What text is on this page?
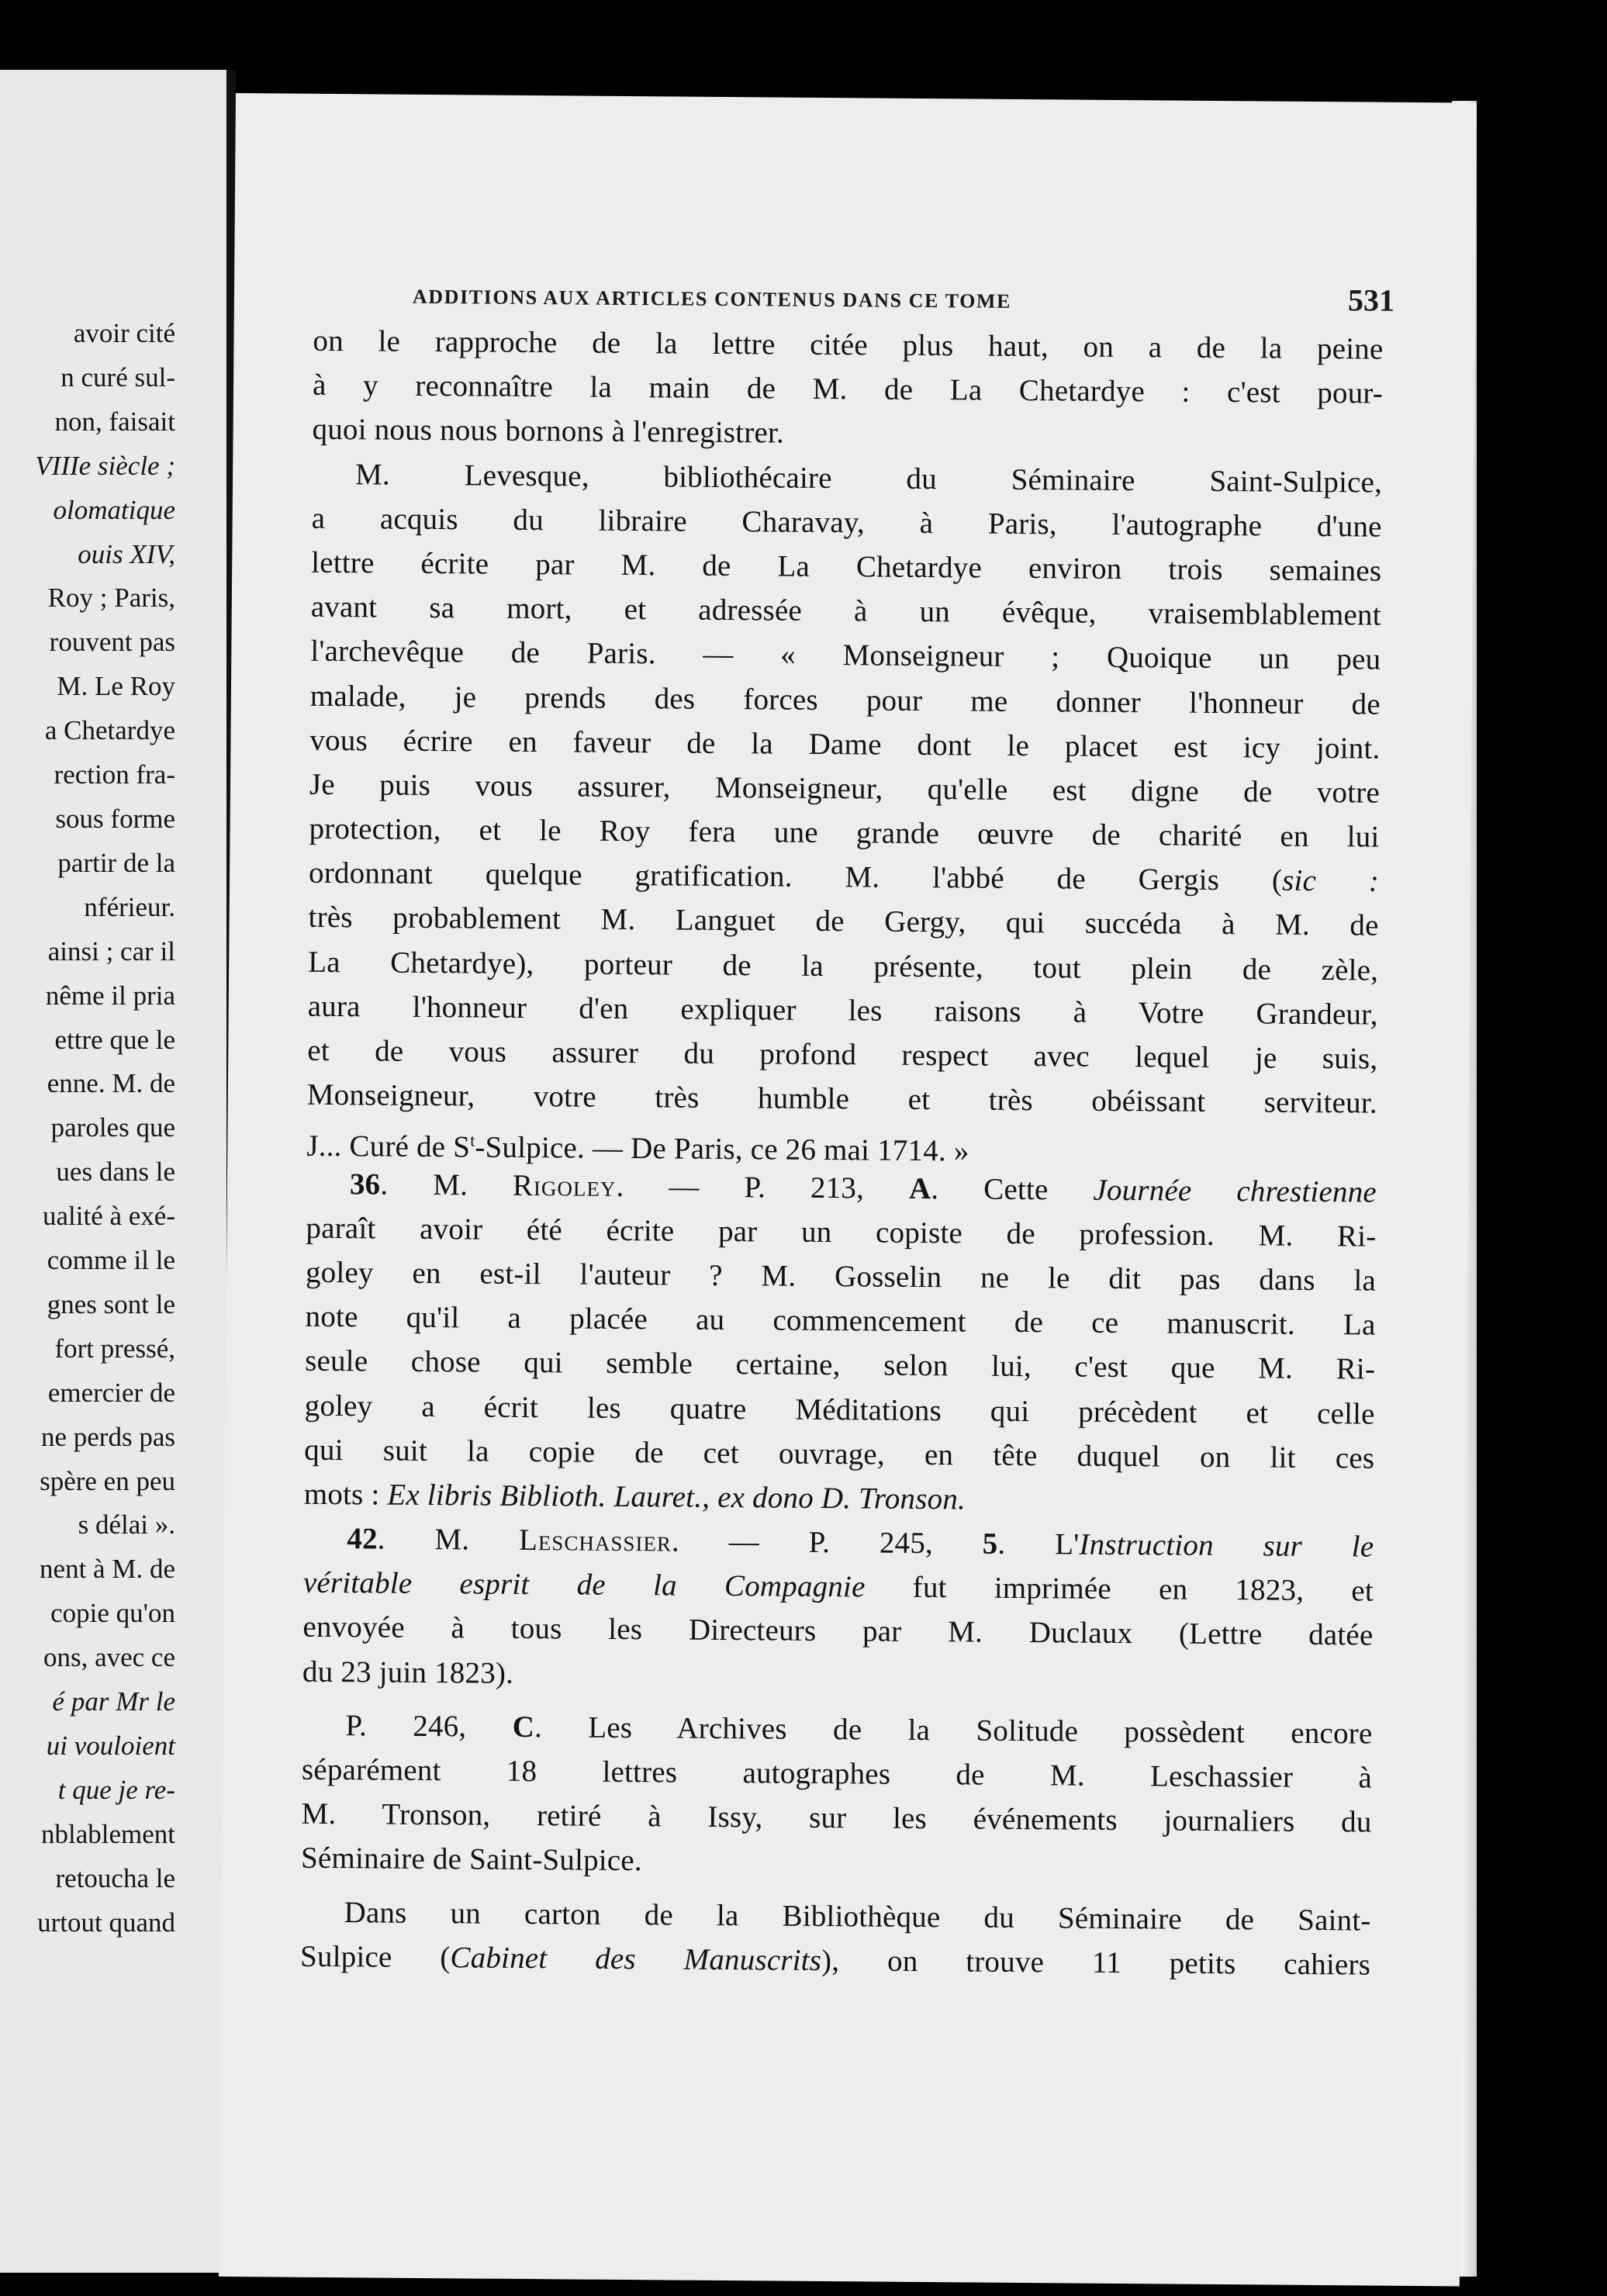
avoir cité
n curé sul-
non, faisait
VIIIe siècle ;
olomatique
ouis XIV,
Roy ; Paris,
rouvent pas
M. Le Roy
a Chetardye
rection fra-
sous forme
partir de la
nférieur.
ainsi ; car il
nême il pria
ettre que le
enne. M. de
paroles que
ues dans le
ualité à exé-
comme il le
gnes sont le
fort pressé,
emercier de
ne perds pas
spère en peu
s délai ».
nent à M. de
copie qu'on
ons, avec ce
é par Mr le
ui vouloient
t que je re-
nblablement
retoucha le
urtout quand
ADDITIONS AUX ARTICLES CONTENUS DANS CE TOME	531
on le rapproche de la lettre citée plus haut, on a de la peine
à y reconnaître la main de M. de La Chetardye : c'est pour-
quoi nous nous bornons à l'enregistrer.
M. Levesque, bibliothécaire du Séminaire Saint-Sulpice,
a acquis du libraire Charavay, à Paris, l'autographe d'une
lettre écrite par M. de La Chetardye environ trois semaines
avant sa mort, et adressée à un évêque, vraisemblablement
l'archevêque de Paris. — « Monseigneur ; Quoique un peu
malade, je prends des forces pour me donner l'honneur de
vous écrire en faveur de la Dame dont le placet est icy joint.
Je puis vous assurer, Monseigneur, qu'elle est digne de votre
protection, et le Roy fera une grande œuvre de charité en lui
ordonnant quelque gratification. M. l'abbé de Gergis (sic :
très probablement M. Languet de Gergy, qui succéda à M. de
La Chetardye), porteur de la présente, tout plein de zèle,
aura l'honneur d'en expliquer les raisons à Votre Grandeur,
et de vous assurer du profond respect avec lequel je suis,
Monseigneur, votre très humble et très obéissant serviteur.
J... Curé de $S^t$-Sulpice. — De Paris, ce 26 mai 1714. »
36. M. Rigoley. — P. 213, A. Cette Journée chrestienne
paraît avoir été écrite par un copiste de profession. M. Ri-
goley en est-il l'auteur ? M. Gosselin ne le dit pas dans la
note qu'il a placée au commencement de ce manuscrit. La
seule chose qui semble certaine, selon lui, c'est que M. Ri-
goley a écrit les quatre Méditations qui précèdent et celle
qui suit la copie de cet ouvrage, en tête duquel on lit ces
mots : Ex libris Biblioth. Lauret., ex dono D. Tronson.
42. M. Leschassier. — P. 245, 5. L'Instruction sur le
véritable esprit de la Compagnie fut imprimée en 1823, et
envoyée à tous les Directeurs par M. Duclaux (Lettre datée
du 23 juin 1823).
P. 246, C. Les Archives de la Solitude possèdent encore
séparément 18 lettres autographes de M. Leschassier à
M. Tronson, retiré à Issy, sur les événements journaliers du
Séminaire de Saint-Sulpice.
Dans un carton de la Bibliothèque du Séminaire de Saint-
Sulpice (Cabinet des Manuscrits), on trouve 11 petits cahiers
